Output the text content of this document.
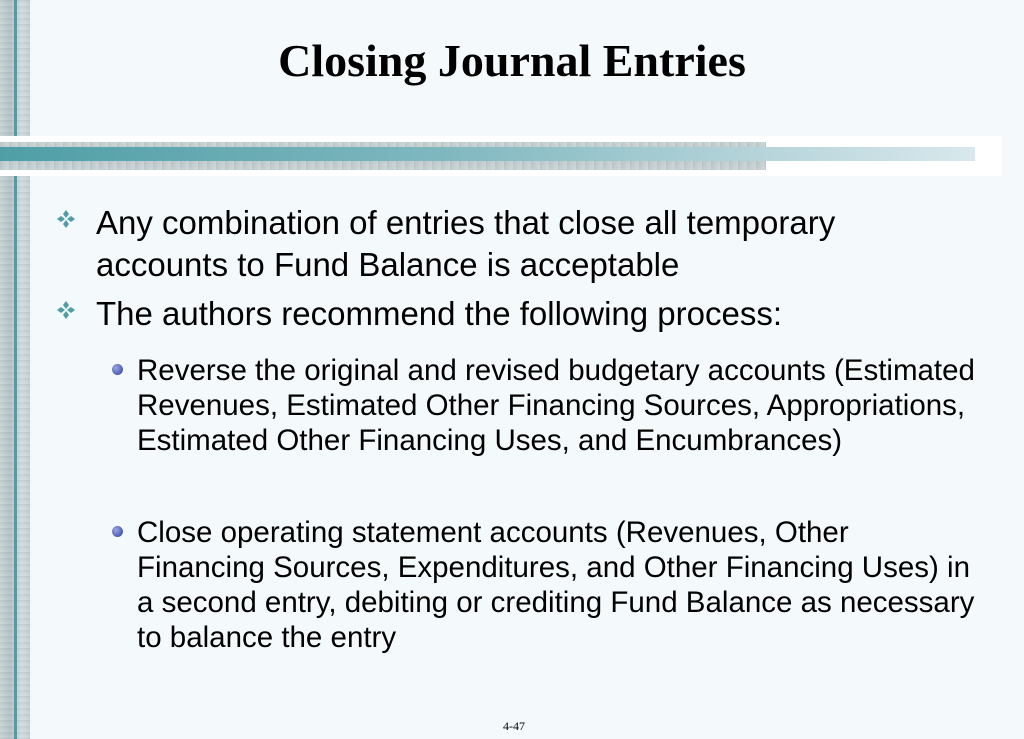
Closing Journal Entries
Any combination of entries that close all temporary accounts to Fund Balance is acceptable
The authors recommend the following process:
Reverse the original and revised budgetary accounts (Estimated Revenues, Estimated Other Financing Sources, Appropriations, Estimated Other Financing Uses, and Encumbrances)
Close operating statement accounts (Revenues, Other Financing Sources, Expenditures, and Other Financing Uses) in a second entry, debiting or crediting Fund Balance as necessary to balance the entry
4-47
